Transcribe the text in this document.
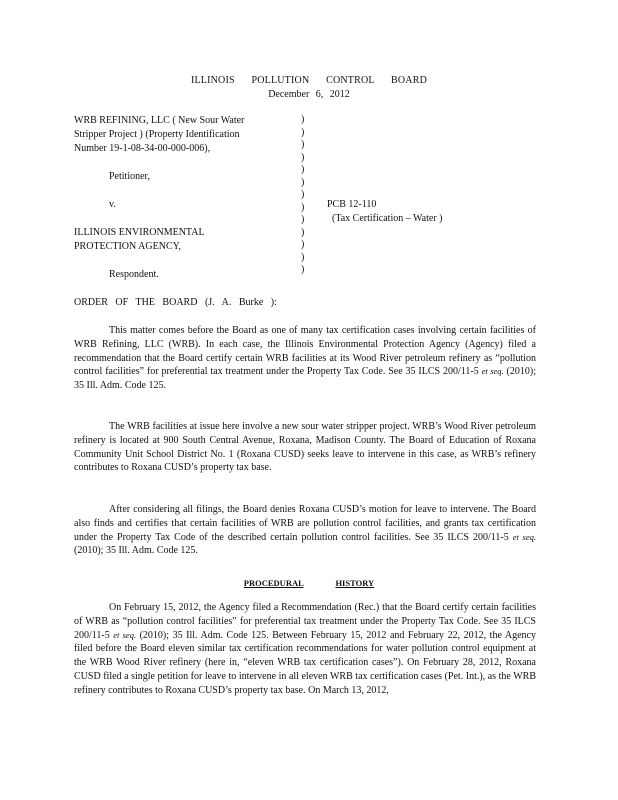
ILLINOIS POLLUTION CONTROL BOARD
December 6, 2012
WRB REFINING, LLC ( New Sour Water
Stripper Project ) (Property Identification
Number 19-1-08-34-00-000-006),
Petitioner,
v.
ILLINOIS ENVIRONMENTAL
PROTECTION AGENCY,
Respondent.
)
)
)
)
)
)
)
)
)
)
)
)
)
PCB 12-110
(Tax Certification – Water )
ORDER OF THE BOARD (J. A. Burke ):

This matter comes before the Board as one of many tax certification cases involving certain facilities of WRB Refining, LLC (WRB). In each case, the Illinois Environmental Protection Agency (Agency) filed a recommendation that the Board certify certain WRB facilities at its Wood River petroleum refinery as “pollution control facilities” for preferential tax treatment under the Property Tax Code. See 35 ILCS 200/11-5 et seq. (2010); 35 Ill. Adm. Code 125.

The WRB facilities at issue here involve a new sour water stripper project. WRB’s Wood River petroleum refinery is located at 900 South Central Avenue, Roxana, Madison County. The Board of Education of Roxana Community Unit School District No. 1 (Roxana CUSD) seeks leave to intervene in this case, as WRB’s refinery contributes to Roxana CUSD’s property tax base.

After considering all filings, the Board denies Roxana CUSD’s motion for leave to intervene. The Board also finds and certifies that certain facilities of WRB are pollution control facilities, and grants tax certification under the Property Tax Code of the described certain pollution control facilities. See 35 ILCS 200/11-5 et seq. (2010); 35 Ill. Adm. Code 125.

PROCEDURAL	HISTORY

On February 15, 2012, the Agency filed a Recommendation (Rec.) that the Board certify certain facilities of WRB as “pollution control facilities” for preferential tax treatment under the Property Tax Code. See 35 ILCS 200/11-5 et seq. (2010); 35 Ill. Adm. Code 125. Between February 15, 2012 and February 22, 2012, the Agency filed before the Board eleven similar tax certification recommendations for water pollution control equipment at the WRB Wood River refinery (here in, “eleven WRB tax certification cases”). On February 28, 2012, Roxana CUSD filed a single petition for leave to intervene in all eleven WRB tax certification cases (Pet. Int.), as the WRB refinery contributes to Roxana CUSD’s property tax base. On March 13, 2012,
